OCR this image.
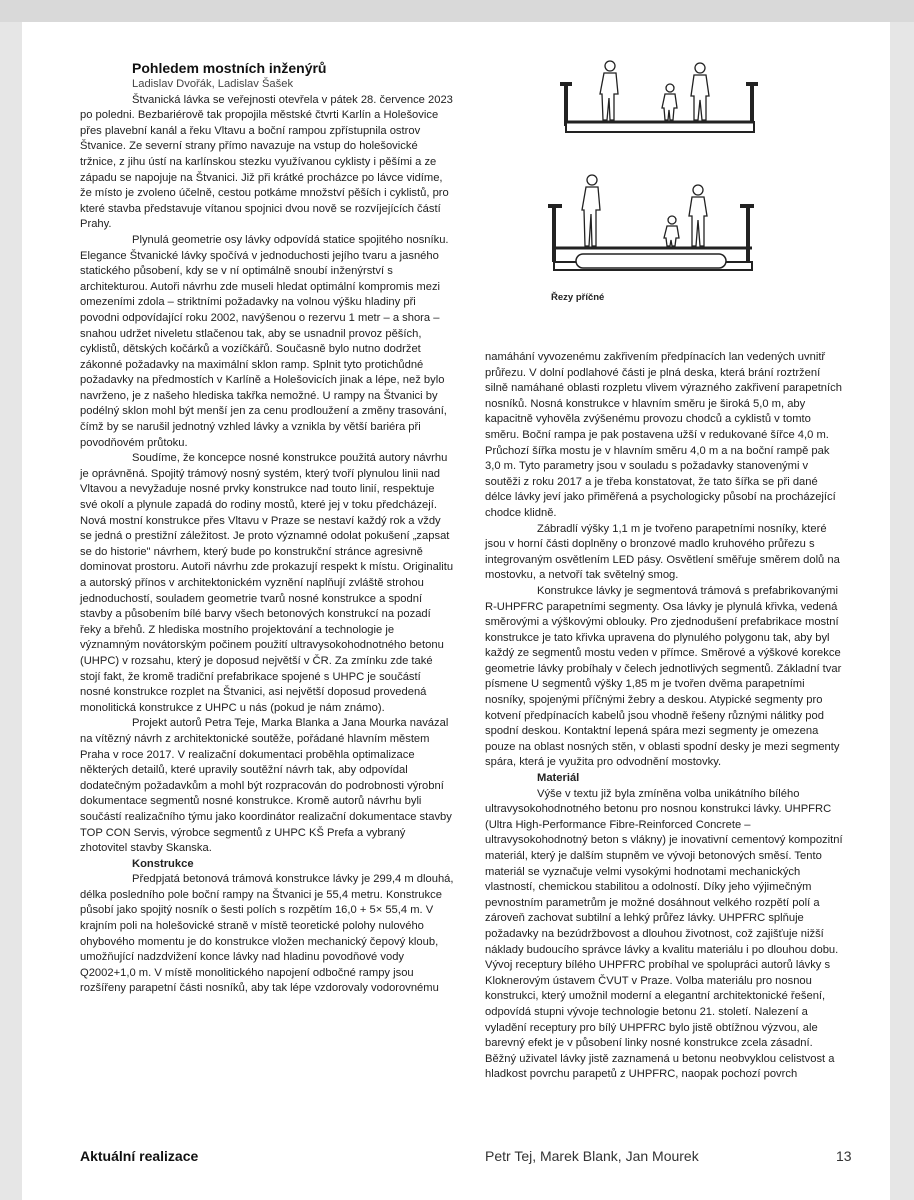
Pohledem mostních inženýrů
Ladislav Dvořák, Ladislav Šašek

Štvanická lávka se veřejnosti otevřela v pátek 28. července 2023 po poledni. Bezbariérově tak propojila městské čtvrti Karlín a Holešovice přes plavební kanál a řeku Vltavu a boční rampou zpřístupnila ostrov Štvanice. Ze severní strany přímo navazuje na vstup do holešovické tržnice, z jihu ústí na karlínskou stezku využívanou cyklisty i pěšími a ze západu se napojuje na Štvanici. Již při krátké procházce po lávce vidíme, že místo je zvoleno účelně, cestou potkáme množství pěších i cyklistů, pro které stavba představuje vítanou spojnici dvou nově se rozvíjejících částí Prahy.

Plynulá geometrie osy lávky odpovídá statice spojitého nosníku. Elegance Štvanické lávky spočívá v jednoduchosti jejího tvaru a jasného statického působení, kdy se v ní optimálně snoubí inženýrství s architekturou. Autoři návrhu zde museli hledat optimální kompromis mezi omezeními zdola – striktními požadavky na volnou výšku hladiny při povodni odpovídající roku 2002, navýšenou o rezervu 1 metr – a shora – snahou udržet niveletu stlačenou tak, aby se usnadnil provoz pěších, cyklistů, dětských kočárků a vozíčkářů. Současně bylo nutno dodržet zákonné požadavky na maximální sklon ramp. Splnit tyto protichůdné požadavky na předmostích v Karlíně a Holešovicích jinak a lépe, než bylo navrženo, je z našeho hlediska takřka nemožné. U rampy na Štvanici by podélný sklon mohl být menší jen za cenu prodloužení a změny trasování, čímž by se narušil jednotný vzhled lávky a vznikla by větší bariéra při povodňovém průtoku.

Soudíme, že koncepce nosné konstrukce použitá autory návrhu je oprávněná. Spojitý trámový nosný systém, který tvoří plynulou linii nad Vltavou a nevyžaduje nosné prvky konstrukce nad touto linií, respektuje své okolí a plynule zapadá do rodiny mostů, které jej v toku předcházejí. Nová mostní konstrukce přes Vltavu v Praze se nestaví každý rok a vždy se jedná o prestižní záležitost. Je proto významné odolat pokušení „zapsat se do historie" návrhem, který bude po konstrukční stránce agresivně dominovat prostoru. Autoři návrhu zde prokazují respekt k místu. Originalitu a autorský přínos v architektonickém vyznění naplňují zvláště strohou jednoduchostí, souladem geometrie tvarů nosné konstrukce a spodní stavby a působením bílé barvy všech betonových konstrukcí na pozadí řeky a břehů. Z hlediska mostního projektování a technologie je významným novátorským počinem použití ultravysokohodnotného betonu (UHPC) v rozsahu, který je doposud největší v ČR. Za zmínku zde také stojí fakt, že kromě tradiční prefabrikace spojené s UHPC je součástí nosné konstrukce rozplet na Štvanici, asi největší doposud provedená monolitická konstrukce z UHPC u nás (pokud je nám známo).

Projekt autorů Petra Teje, Marka Blanka a Jana Mourka navázal na vítězný návrh z architektonické soutěže, pořádané hlavním městem Praha v roce 2017. V realizační dokumentaci proběhla optimalizace některých detailů, které upravily soutěžní návrh tak, aby odpovídal dodatečným požadavkům a mohl být rozpracován do podrobnosti výrobní dokumentace segmentů nosné konstrukce. Kromě autorů návrhu byli součástí realizačního týmu jako koordinátor realizační dokumentace stavby TOP CON Servis, výrobce segmentů z UHPC KŠ Prefa a vybraný zhotovitel stavby Skanska.

Konstrukce

Předpjatá betonová trámová konstrukce lávky je 299,4 m dlouhá, délka posledního pole boční rampy na Štvanici je 55,4 metru. Konstrukce působí jako spojitý nosník o šesti polích s rozpětím 16,0 + 5× 55,4 m. V krajním poli na holešovické straně v místě teoretické polohy nulového ohybového momentu je do konstrukce vložen mechanický čepový kloub, umožňující nadzdvižení konce lávky nad hladinu povodňové vody Q2002+1,0 m. V místě monolitického napojení odbočné rampy jsou rozšířeny parapetní části nosníků, aby tak lépe vzdorovaly vodorovnému

Řezy příčné

namáhání vyvozenému zakřivením předpínacích lan vedených uvnitř průřezu. V dolní podlahové části je plná deska, která brání roztržení silně namáhané oblasti rozpletu vlivem výrazného zakřivení parapetních nosníků. Nosná konstrukce v hlavním směru je široká 5,0 m, aby kapacitně vyhověla zvýšenému provozu chodců a cyklistů v tomto směru. Boční rampa je pak postavena užší v redukované šířce 4,0 m. Průchozí šířka mostu je v hlavním směru 4,0 m a na boční rampě pak 3,0 m. Tyto parametry jsou v souladu s požadavky stanovenými v soutěži z roku 2017 a je třeba konstatovat, že tato šířka se při dané délce lávky jeví jako přiměřená a psychologicky působí na procházející chodce klidně.

Zábradlí výšky 1,1 m je tvořeno parapetními nosníky, které jsou v horní části doplněny o bronzové madlo kruhového průřezu s integrovaným osvětlením LED pásy. Osvětlení směřuje směrem dolů na mostovku, a netvoří tak světelný smog.

Konstrukce lávky je segmentová trámová s prefabrikovanými R-UHPFRC parapetními segmenty. Osa lávky je plynulá křivka, vedená směrovými a výškovými oblouky. Pro zjednodušení prefabrikace mostní konstrukce je tato křivka upravena do plynulého polygonu tak, aby byl každý ze segmentů mostu veden v přímce. Směrové a výškové korekce geometrie lávky probíhaly v čelech jednotlivých segmentů. Základní tvar písmene U segmentů výšky 1,85 m je tvořen dvěma parapetními nosníky, spojenými příčnými žebry a deskou. Atypické segmenty pro kotvení předpínacích kabelů jsou vhodně řešeny různými nálitky pod spodní deskou. Kontaktní lepená spára mezi segmenty je omezena pouze na oblast nosných stěn, v oblasti spodní desky je mezi segmenty spára, která je využita pro odvodnění mostovky.

Materiál

Výše v textu již byla zmíněna volba unikátního bílého ultravysokohodnotného betonu pro nosnou konstrukci lávky. UHPFRC (Ultra High-Performance Fibre-Reinforced Concrete – ultravysokohodnotný beton s vlákny) je inovativní cementový kompozitní materiál, který je dalším stupněm ve vývoji betonových směsí. Tento materiál se vyznačuje velmi vysokými hodnotami mechanických vlastností, chemickou stabilitou a odolností. Díky jeho výjimečným pevnostním parametrům je možné dosáhnout velkého rozpětí polí a zároveň zachovat subtilní a lehký průřez lávky. UHPFRC splňuje požadavky na bezúdržbovost a dlouhou životnost, což zajišťuje nižší náklady budoucího správce lávky a kvalitu materiálu i po dlouhou dobu. Vývoj receptury bílého UHPFRC probíhal ve spolupráci autorů lávky s Kloknerovým ústavem ČVUT v Praze. Volba materiálu pro nosnou konstrukci, který umožnil moderní a elegantní architektonické řešení, odpovídá stupni vývoje technologie betonu 21. století. Nalezení a vyladění receptury pro bílý UHPFRC bylo jistě obtížnou výzvou, ale barevný efekt je v působení linky nosné konstrukce zcela zásadní. Běžný uživatel lávky jistě zaznamená u betonu neobvyklou celistvost a hladkost povrchu parapetů z UHPFRC, naopak pochozí povrch

Aktuální realizace	Petr Tej, Marek Blank, Jan Mourek	13
